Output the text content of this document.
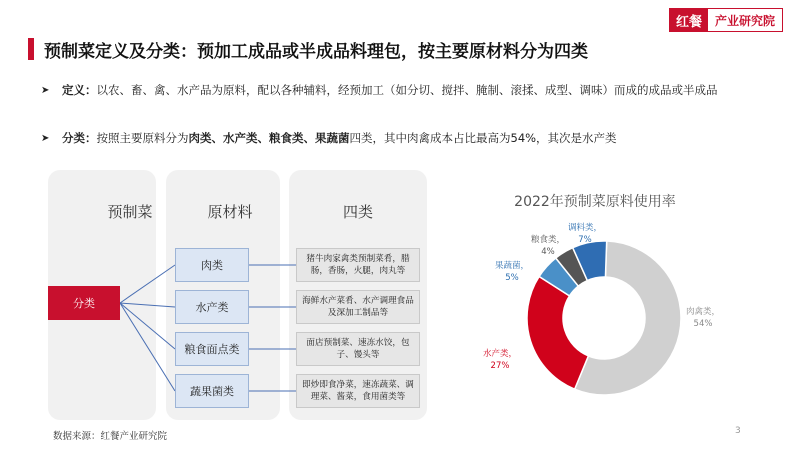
红餐	产业研究院
预制菜定义及分类：预加工成品或半成品料理包，按主要原材料分为四类
➤ 定义：以农、畜、禽、水产品为原料，配以各种辅料，经预加工（如分切、搅拌、腌制、滚揉、成型、调味）而成的成品或半成品
➤ 分类：按照主要原料分为肉类、水产类、粮食类、果蔬菌四类，其中肉禽成本占比最高为54%，其次是水产类
预制菜	原材料	四类
分类
肉类
水产类
粮食面点类
蔬果菌类
猪牛肉家禽类预制菜肴，腊肠，香肠，火腿，肉丸等
海鲜水产菜肴、水产调理食品及深加工制品等
面店预制菜、速冻水饺，包子、馒头等
即炒即食净菜，速冻蔬菜、调理菜、酱菜，食用菌类等
2022年预制菜原料使用率
肉禽类，
54%
水产类，
27%
果蔬菌，
5%
粮食类，
4%
调料类，
7%
数据来源：红餐产业研究院	3
